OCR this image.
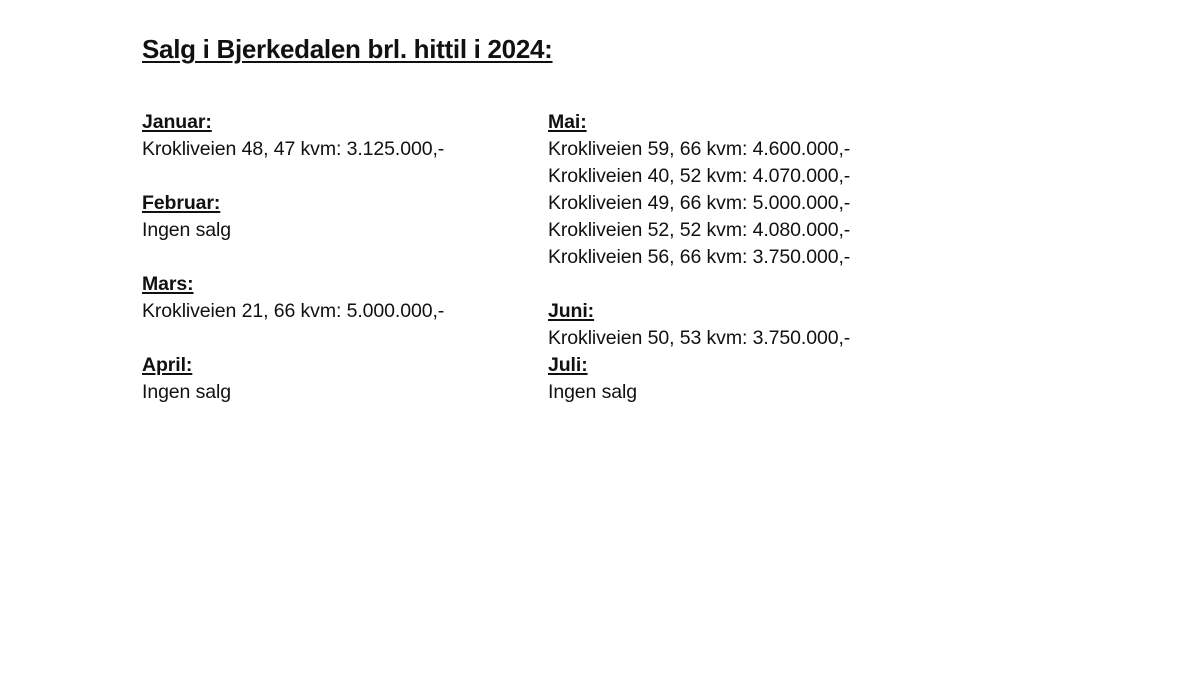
Salg i Bjerkedalen brl. hittil i 2024:
Januar:
Krokliveien 48, 47 kvm: 3.125.000,-
Februar:
Ingen salg
Mars:
Krokliveien 21, 66 kvm: 5.000.000,-
April:
Ingen salg
Mai:
Krokliveien 59, 66 kvm: 4.600.000,-
Krokliveien 40, 52 kvm: 4.070.000,-
Krokliveien 49, 66 kvm: 5.000.000,-
Krokliveien 52, 52 kvm: 4.080.000,-
Krokliveien 56, 66 kvm: 3.750.000,-
Juni:
Krokliveien 50, 53 kvm: 3.750.000,-
Juli:
Ingen salg
